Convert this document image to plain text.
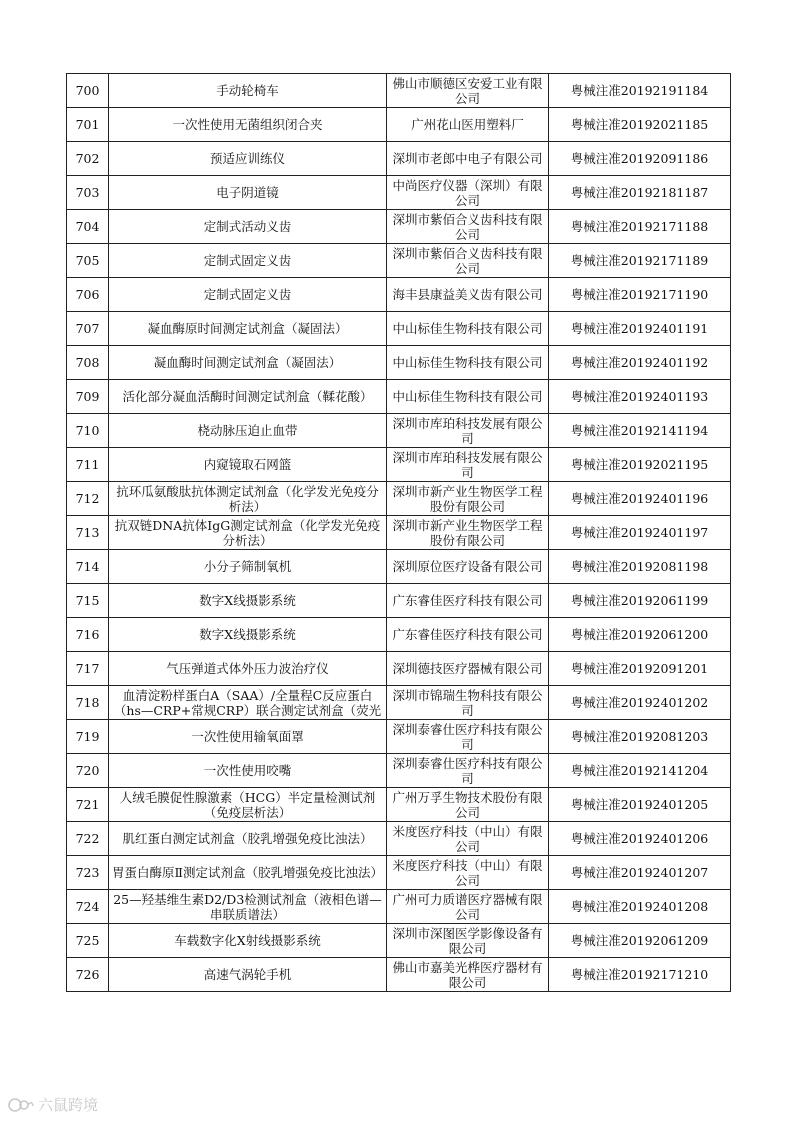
700	手动轮椅车	佛山市顺德区安爱工业有限公司	粤械注准20192191184

701	一次性使用无菌组织闭合夹	广州花山医用塑料厂	粤械注准20192021185

702	预适应训练仪	深圳市老郎中电子有限公司	粤械注准20192091186

703	电子阴道镜	中尚医疗仪器（深圳）有限公司	粤械注准20192181187

704	定制式活动义齿	深圳市紫佰合义齿科技有限公司	粤械注准20192171188

705	定制式固定义齿	深圳市紫佰合义齿科技有限公司	粤械注准20192171189

706	定制式固定义齿	海丰县康益美义齿有限公司	粤械注准20192171190

707	凝血酶原时间测定试剂盒（凝固法）	中山标佳生物科技有限公司	粤械注准20192401191

708	凝血酶时间测定试剂盒（凝固法）	中山标佳生物科技有限公司	粤械注准20192401192

709	活化部分凝血活酶时间测定试剂盒（鞣花酸）	中山标佳生物科技有限公司	粤械注准20192401193

710	桡动脉压迫止血带	深圳市库珀科技发展有限公司	粤械注准20192141194

711	内窥镜取石网篮	深圳市库珀科技发展有限公司	粤械注准20192021195

712	抗环瓜氨酸肽抗体测定试剂盒（化学发光免疫分析法）	深圳市新产业生物医学工程股份有限公司	粤械注准20192401196

713	抗双链DNA抗体IgG测定试剂盒（化学发光免疫分析法）	深圳市新产业生物医学工程股份有限公司	粤械注准20192401197

714	小分子筛制氧机	深圳原位医疗设备有限公司	粤械注准20192081198

715	数字X线摄影系统	广东睿佳医疗科技有限公司	粤械注准20192061199

716	数字X线摄影系统	广东睿佳医疗科技有限公司	粤械注准20192061200

717	气压弹道式体外压力波治疗仪	深圳德技医疗器械有限公司	粤械注准20192091201

718	血清淀粉样蛋白A（SAA）/全量程C反应蛋白（hs—CRP+常规CRP）联合测定试剂盒（荧光	深圳市锦瑞生物科技有限公司	粤械注准20192401202

719	一次性使用输氧面罩	深圳泰睿仕医疗科技有限公司	粤械注准20192081203

720	一次性使用咬嘴	深圳泰睿仕医疗科技有限公司	粤械注准20192141204

721	人绒毛膜促性腺激素（HCG）半定量检测试剂（免疫层析法）	广州万孚生物技术股份有限公司	粤械注准20192401205

722	肌红蛋白测定试剂盒（胶乳增强免疫比浊法）	米度医疗科技（中山）有限公司	粤械注准20192401206

723	胃蛋白酶原Ⅱ测定试剂盒（胶乳增强免疫比浊法）	米度医疗科技（中山）有限公司	粤械注准20192401207

724	25—羟基维生素D2/D3检测试剂盒（液相色谱—串联质谱法）	广州可力质谱医疗器械有限公司	粤械注准20192401208

725	车载数字化X射线摄影系统	深圳市深图医学影像设备有限公司	粤械注准20192061209

726	高速气涡轮手机	佛山市嘉美光桦医疗器材有限公司	粤械注准20192171210
六鼠跨境
